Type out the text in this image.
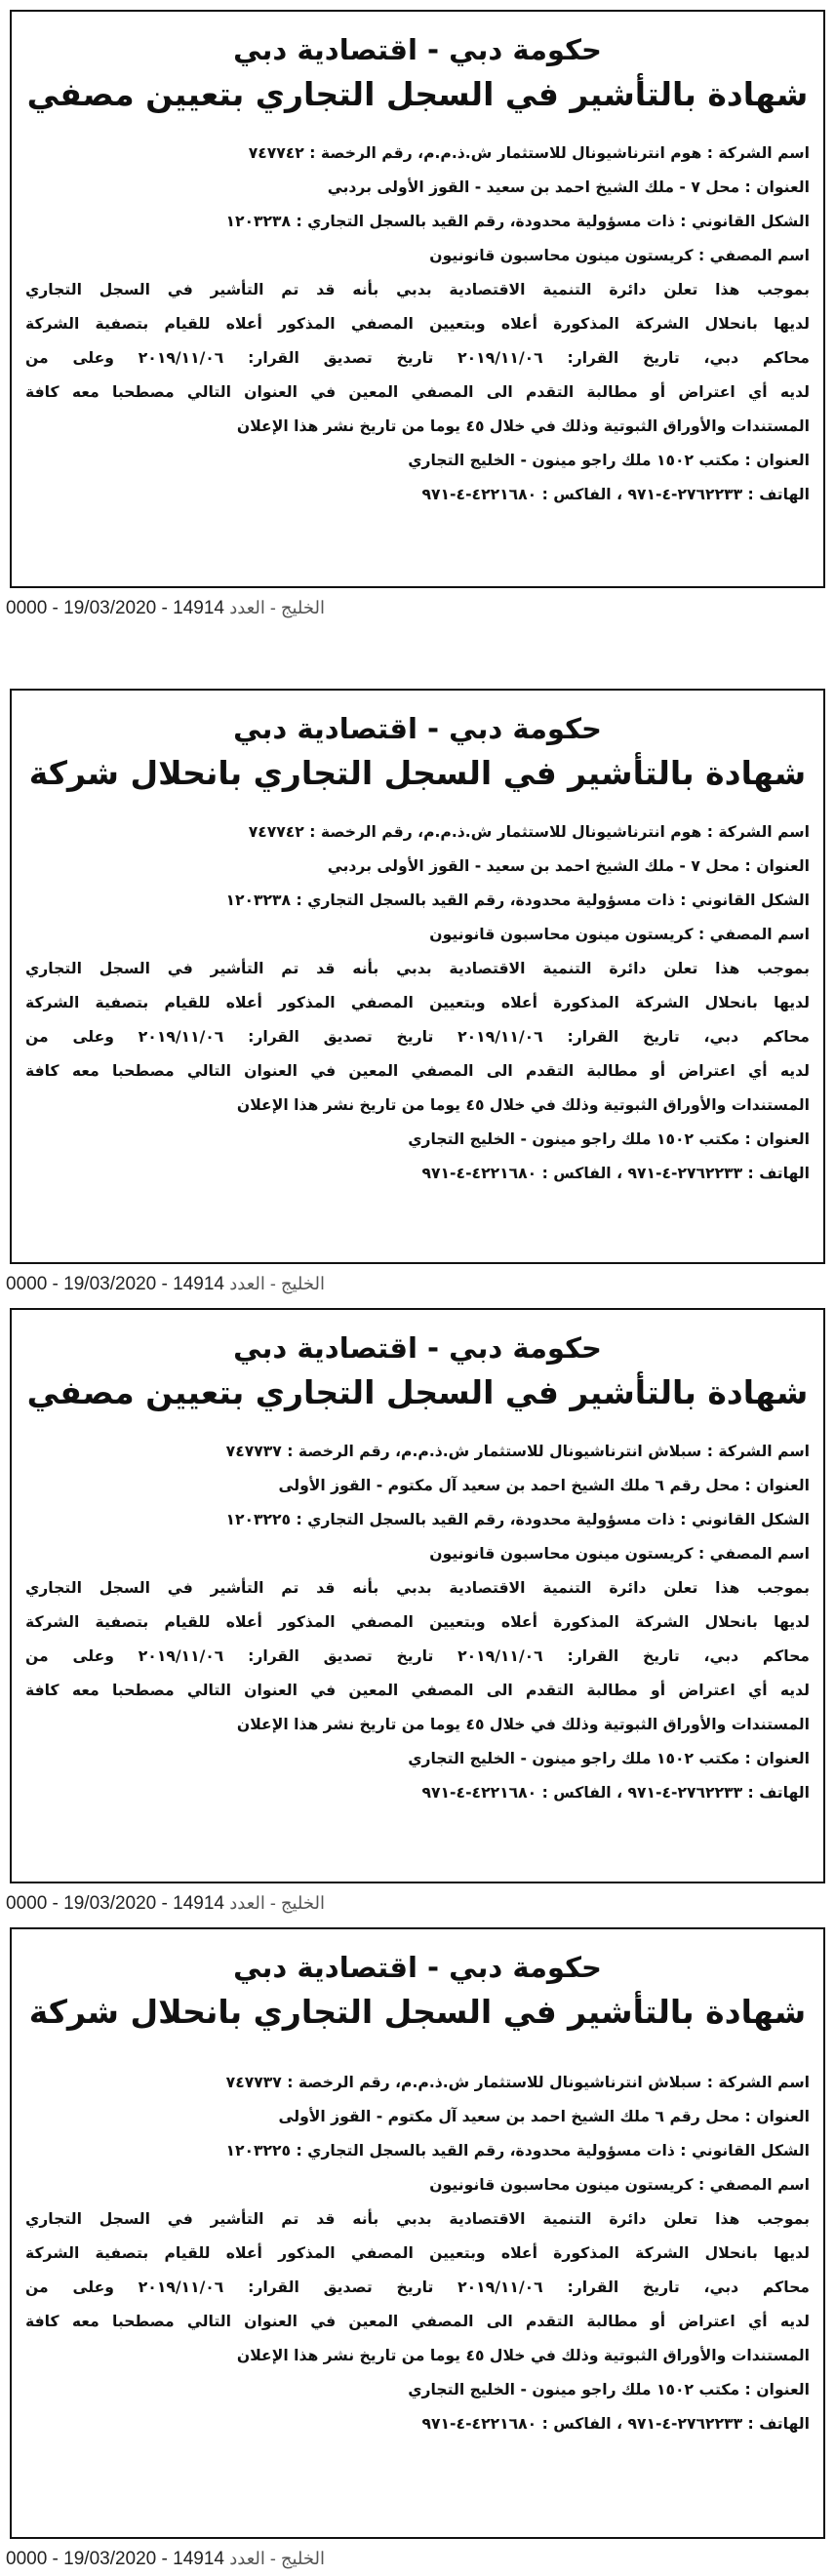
حكومة دبي - اقتصادية دبي
شهادة بالتأشير في السجل التجاري بتعيين مصفي

اسم الشركة : هوم انترناشيونال للاستثمار ش.ذ.م.م، رقم الرخصة : ٧٤٧٧٤٢

العنوان : محل ٧ - ملك الشيخ احمد بن سعيد - القوز الأولى بردبي

الشكل القانوني : ذات مسؤولية محدودة، رقم القيد بالسجل التجاري : ١٢٠٣٢٣٨

اسم المصفي : كريستون مينون محاسبون قانونيون

بموجب هذا تعلن دائرة التنمية الاقتصادية بدبي بأنه قد تم التأشير في السجل التجاري

لديها بانحلال الشركة المذكورة أعلاه وبتعيين المصفي المذكور أعلاه للقيام بتصفية الشركة

محاكم دبي، تاريخ القرار: ٢٠١٩/١١/٠٦ تاريخ تصديق القرار: ٢٠١٩/١١/٠٦ وعلى من

لديه أي اعتراض أو مطالبة التقدم الى المصفي المعين في العنوان التالي مصطحبا معه كافة

المستندات والأوراق الثبوتية وذلك في خلال ٤٥ يوما من تاريخ نشر هذا الإعلان

العنوان : مكتب ١٥٠٢ ملك راجو مينون - الخليج التجاري

الهاتف : ٢٧٦٢٢٣٣-٤-٩٧١ ، الفاكس : ٤٢٢١٦٨٠-٤-٩٧١

0000 - 19/03/2020 - 14914 الخليج - العدد
حكومة دبي - اقتصادية دبي
شهادة بالتأشير في السجل التجاري بانحلال شركة

اسم الشركة : هوم انترناشيونال للاستثمار ش.ذ.م.م، رقم الرخصة : ٧٤٧٧٤٢

العنوان : محل ٧ - ملك الشيخ احمد بن سعيد - القوز الأولى بردبي

الشكل القانوني : ذات مسؤولية محدودة، رقم القيد بالسجل التجاري : ١٢٠٣٢٣٨

اسم المصفي : كريستون مينون محاسبون قانونيون

بموجب هذا تعلن دائرة التنمية الاقتصادية بدبي بأنه قد تم التأشير في السجل التجاري

لديها بانحلال الشركة المذكورة أعلاه وبتعيين المصفي المذكور أعلاه للقيام بتصفية الشركة

محاكم دبي، تاريخ القرار: ٢٠١٩/١١/٠٦ تاريخ تصديق القرار: ٢٠١٩/١١/٠٦ وعلى من

لديه أي اعتراض أو مطالبة التقدم الى المصفي المعين في العنوان التالي مصطحبا معه كافة

المستندات والأوراق الثبوتية وذلك في خلال ٤٥ يوما من تاريخ نشر هذا الإعلان

العنوان : مكتب ١٥٠٢ ملك راجو مينون - الخليج التجاري

الهاتف : ٢٧٦٢٢٣٣-٤-٩٧١ ، الفاكس : ٤٢٢١٦٨٠-٤-٩٧١

0000 - 19/03/2020 - 14914 الخليج - العدد
حكومة دبي - اقتصادية دبي
شهادة بالتأشير في السجل التجاري بتعيين مصفي

اسم الشركة : سبلاش انترناشيونال للاستثمار ش.ذ.م.م، رقم الرخصة : ٧٤٧٧٣٧

العنوان : محل رقم ٦ ملك الشيخ احمد بن سعيد آل مكتوم - القوز الأولى

الشكل القانوني : ذات مسؤولية محدودة، رقم القيد بالسجل التجاري : ١٢٠٣٢٢٥

اسم المصفي : كريستون مينون محاسبون قانونيون

بموجب هذا تعلن دائرة التنمية الاقتصادية بدبي بأنه قد تم التأشير في السجل التجاري

لديها بانحلال الشركة المذكورة أعلاه وبتعيين المصفي المذكور أعلاه للقيام بتصفية الشركة

محاكم دبي، تاريخ القرار: ٢٠١٩/١١/٠٦ تاريخ تصديق القرار: ٢٠١٩/١١/٠٦ وعلى من

لديه أي اعتراض أو مطالبة التقدم الى المصفي المعين في العنوان التالي مصطحبا معه كافة

المستندات والأوراق الثبوتية وذلك في خلال ٤٥ يوما من تاريخ نشر هذا الإعلان

العنوان : مكتب ١٥٠٢ ملك راجو مينون - الخليج التجاري

الهاتف : ٢٧٦٢٢٣٣-٤-٩٧١ ، الفاكس : ٤٢٢١٦٨٠-٤-٩٧١

0000 - 19/03/2020 - 14914 الخليج - العدد
حكومة دبي - اقتصادية دبي
شهادة بالتأشير في السجل التجاري بانحلال شركة

اسم الشركة : سبلاش انترناشيونال للاستثمار ش.ذ.م.م، رقم الرخصة : ٧٤٧٧٣٧

العنوان : محل رقم ٦ ملك الشيخ احمد بن سعيد آل مكتوم - القوز الأولى

الشكل القانوني : ذات مسؤولية محدودة، رقم القيد بالسجل التجاري : ١٢٠٣٢٢٥

اسم المصفي : كريستون مينون محاسبون قانونيون

بموجب هذا تعلن دائرة التنمية الاقتصادية بدبي بأنه قد تم التأشير في السجل التجاري

لديها بانحلال الشركة المذكورة أعلاه وبتعيين المصفي المذكور أعلاه للقيام بتصفية الشركة

محاكم دبي، تاريخ القرار: ٢٠١٩/١١/٠٦ تاريخ تصديق القرار: ٢٠١٩/١١/٠٦ وعلى من

لديه أي اعتراض أو مطالبة التقدم الى المصفي المعين في العنوان التالي مصطحبا معه كافة

المستندات والأوراق الثبوتية وذلك في خلال ٤٥ يوما من تاريخ نشر هذا الإعلان

العنوان : مكتب ١٥٠٢ ملك راجو مينون - الخليج التجاري

الهاتف : ٢٧٦٢٢٣٣-٤-٩٧١ ، الفاكس : ٤٢٢١٦٨٠-٤-٩٧١

0000 - 19/03/2020 - 14914 الخليج - العدد
